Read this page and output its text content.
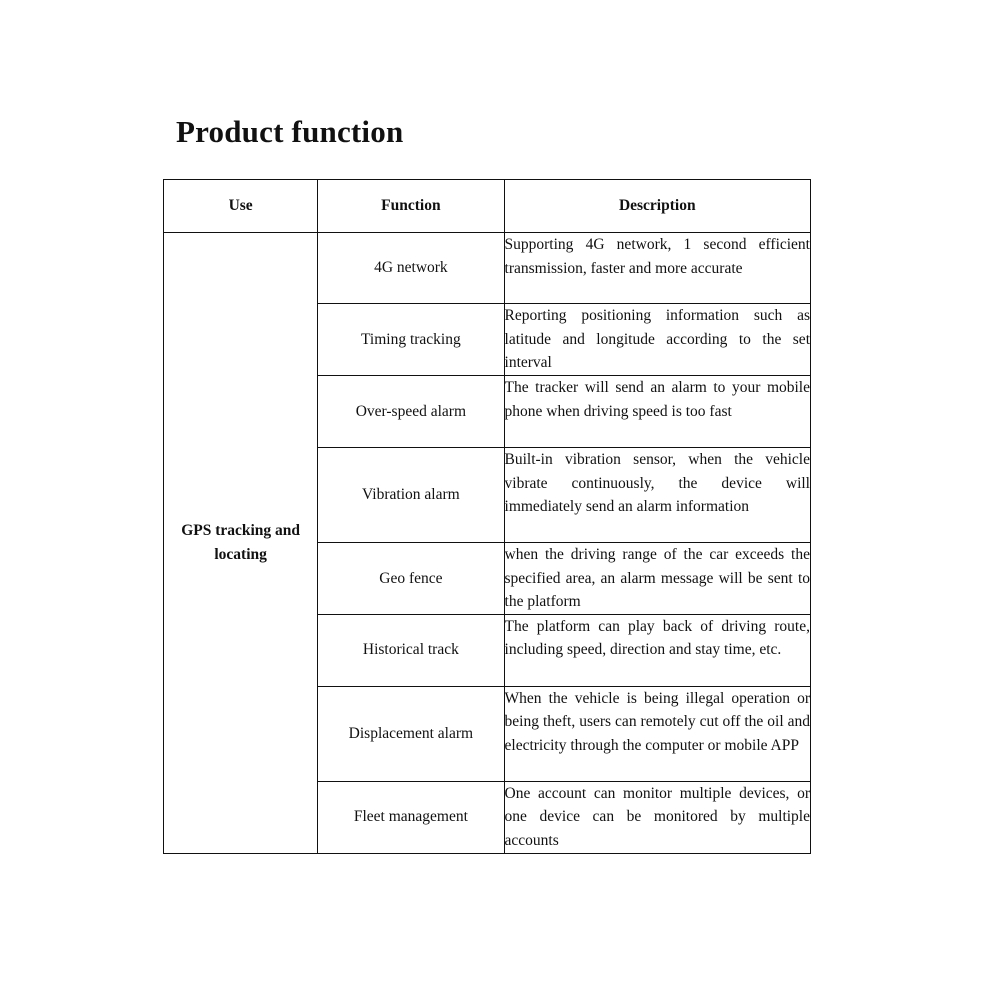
Product function
Use	Function	Description
GPS tracking and locating	4G network	Supporting 4G network, 1 second efficient transmission, faster and more accurate
	Timing tracking	Reporting positioning information such as latitude and longitude according to the set interval
	Over-speed alarm	The tracker will send an alarm to your mobile phone when driving speed is too fast
	Vibration alarm	Built-in vibration sensor, when the vehicle vibrate continuously, the device will immediately send an alarm information
	Geo fence	when the driving range of the car exceeds the specified area, an alarm message will be sent to the platform
	Historical track	The platform can play back of driving route, including speed, direction and stay time, etc.
	Displacement alarm	When the vehicle is being illegal operation or being theft, users can remotely cut off the oil and electricity through the computer or mobile APP
	Fleet management	One account can monitor multiple devices, or one device can be monitored by multiple accounts
